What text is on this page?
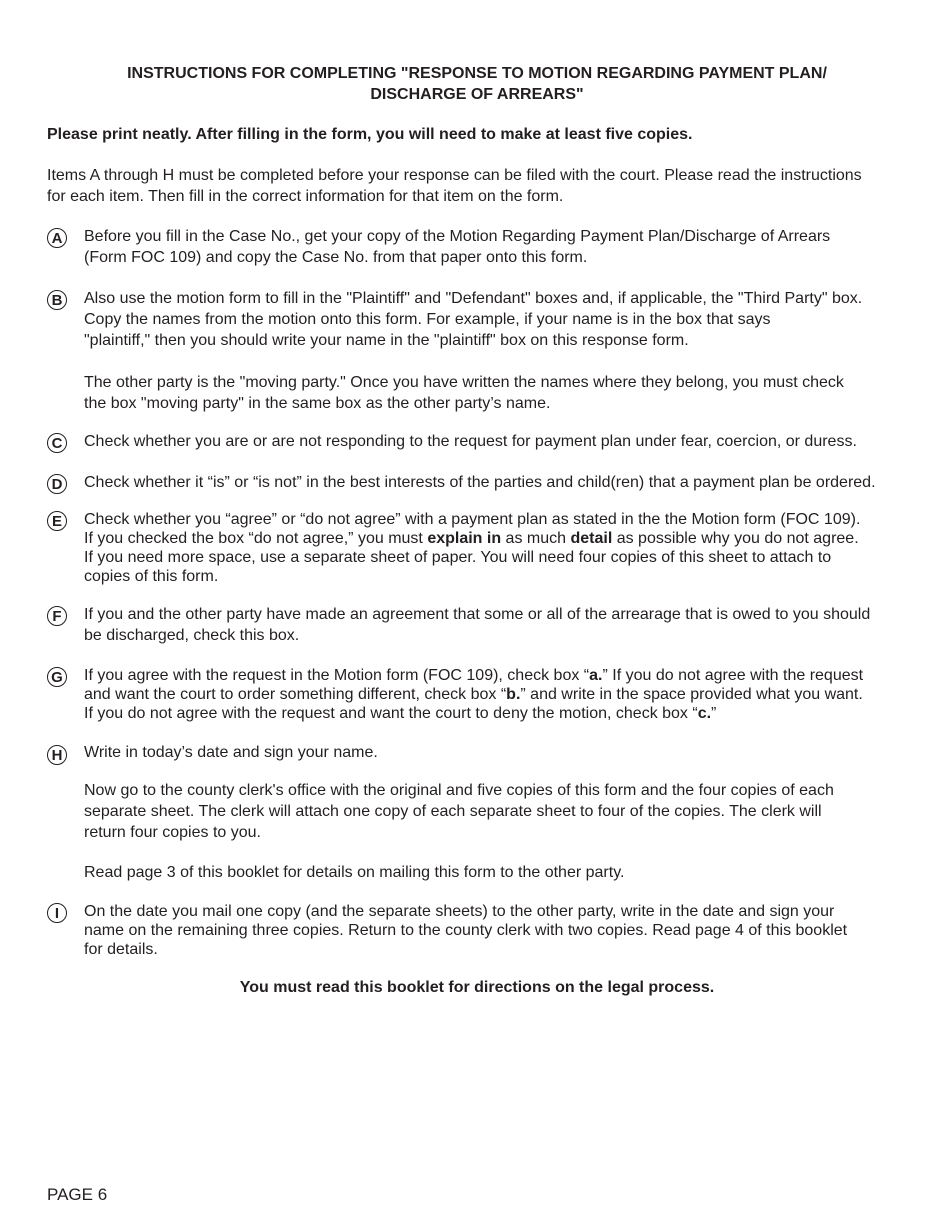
INSTRUCTIONS FOR COMPLETING "RESPONSE TO MOTION REGARDING PAYMENT PLAN/
DISCHARGE OF ARREARS"
Please print neatly. After filling in the form, you will need to make at least five copies.
Items A through H must be completed before your response can be filed with the court. Please read the instructions
for each item. Then fill in the correct information for that item on the form.
A Before you fill in the Case No., get your copy of the Motion Regarding Payment Plan/Discharge of Arrears

(Form FOC 109) and copy the Case No. from that paper onto this form.

B Also use the motion form to fill in the "Plaintiff" and "Defendant" boxes and, if applicable, the "Third Party" box.

Copy the names from the motion onto this form. For example, if your name is in the box that says

"plaintiff," then you should write your name in the "plaintiff" box on this response form.

The other party is the "moving party." Once you have written the names where they belong, you must check

the box "moving party" in the same box as the other party’s name.

C Check whether you are or are not responding to the request for payment plan under fear, coercion, or duress.

D Check whether it “is” or “is not” in the best interests of the parties and child(ren) that a payment plan be ordered.

E	Check whether you “agree” or “do not agree” with a payment plan as stated in the the Motion form (FOC 109).

If you checked the box “do not agree,” you must explain in as much detail as possible why you do not agree.

If you need more space, use a separate sheet of paper. You will need four copies of this sheet to attach to

copies of this form.

F	If you and the other party have made an agreement that some or all of the arrearage that is owed to you should

be discharged, check this box.

G If you agree with the request in the Motion form (FOC 109), check box “a.” If you do not agree with the request

and want the court to order something different, check box “b.” and write in the space provided what you want.

If you do not agree with the request and want the court to deny the motion, check box “c.”

H Write in today’s date and sign your name.

Now go to the county clerk's office with the original and five copies of this form and the four copies of each

separate sheet. The clerk will attach one copy of each separate sheet to four of the copies. The clerk will

return four copies to you.

Read page 3 of this booklet for details on mailing this form to the other party.

I	On the date you mail one copy (and the separate sheets) to the other party, write in the date and sign your

name on the remaining three copies. Return to the county clerk with two copies. Read page 4 of this booklet

for details.

You must read this booklet for directions on the legal process.
PAGE 6
